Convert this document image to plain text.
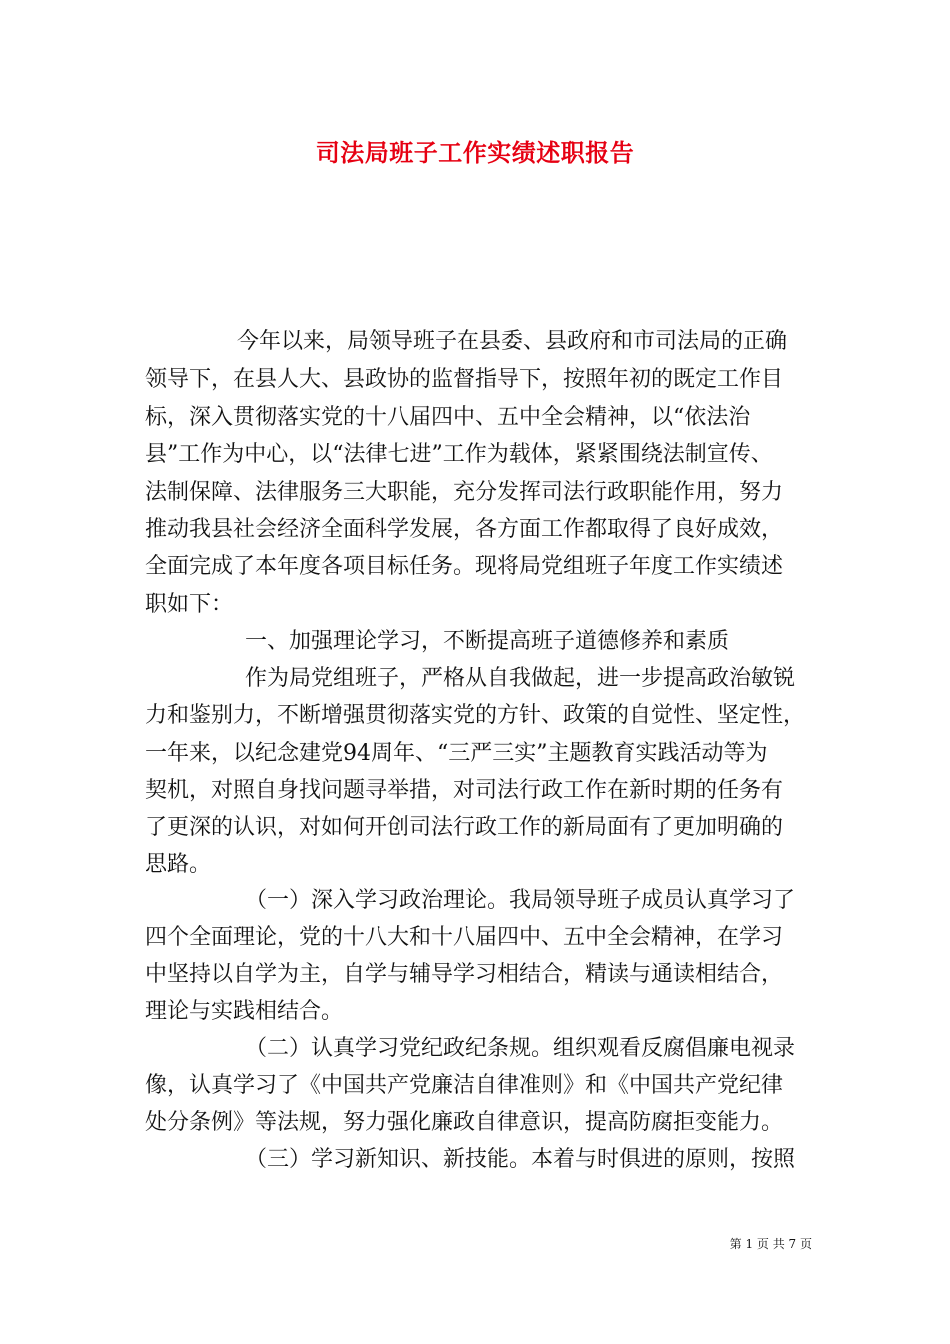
司法局班子工作实绩述职报告
今年以来，局领导班子在县委、县政府和市司法局的正确
领导下，在县人大、县政协的监督指导下，按照年初的既定工作目
标，深入贯彻落实党的十八届四中、五中全会精神，以“依法治
县”工作为中心，以“法律七进”工作为载体，紧紧围绕法制宣传、
法制保障、法律服务三大职能，充分发挥司法行政职能作用，努力
推动我县社会经济全面科学发展，各方面工作都取得了良好成效，
全面完成了本年度各项目标任务。现将局党组班子年度工作实绩述
职如下：
一、加强理论学习，不断提高班子道德修养和素质
作为局党组班子，严格从自我做起，进一步提高政治敏锐
力和鉴别力，不断增强贯彻落实党的方针、政策的自觉性、坚定性，
一年来，以纪念建党94周年、“三严三实”主题教育实践活动等为
契机，对照自身找问题寻举措，对司法行政工作在新时期的任务有
了更深的认识，对如何开创司法行政工作的新局面有了更加明确的
思路。
（一）深入学习政治理论。我局领导班子成员认真学习了
四个全面理论，党的十八大和十八届四中、五中全会精神，在学习
中坚持以自学为主，自学与辅导学习相结合，精读与通读相结合，
理论与实践相结合。
（二）认真学习党纪政纪条规。组织观看反腐倡廉电视录
像，认真学习了《中国共产党廉洁自律准则》和《中国共产党纪律
处分条例》等法规，努力强化廉政自律意识，提高防腐拒变能力。
（三）学习新知识、新技能。本着与时俱进的原则，按照
第 1 页 共 7 页
